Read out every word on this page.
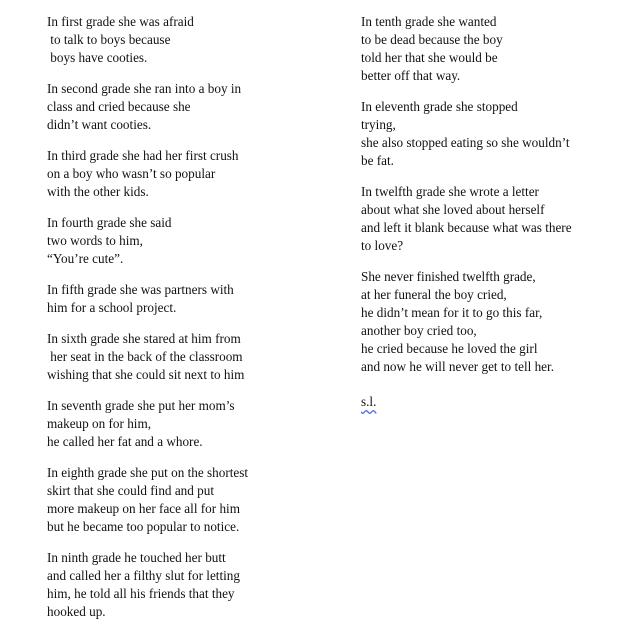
In first grade she was afraid
to talk to boys because
boys have cooties.
In second grade she ran into a boy in
class and cried because she
didn’t want cooties.
In third grade she had her first crush
on a boy who wasn’t so popular
with the other kids.
In fourth grade she said
two words to him,
“You’re cute”.
In fifth grade she was partners with
him for a school project.
In sixth grade she stared at him from
her seat in the back of the classroom
wishing that she could sit next to him
In seventh grade she put her mom’s
makeup on for him,
he called her fat and a whore.
In eighth grade she put on the shortest
skirt that she could find and put
more makeup on her face all for him
but he became too popular to notice.
In ninth grade he touched her butt
and called her a filthy slut for letting
him, he told all his friends that they
hooked up.
In tenth grade she wanted
to be dead because the boy
told her that she would be
better off that way.
In eleventh grade she stopped
trying,
she also stopped eating so she wouldn’t
be fat.
In twelfth grade she wrote a letter
about what she loved about herself
and left it blank because what was there
to love?
She never finished twelfth grade,
at her funeral the boy cried,
he didn’t mean for it to go this far,
another boy cried too,
he cried because he loved the girl
and now he will never get to tell her.
s.l.
